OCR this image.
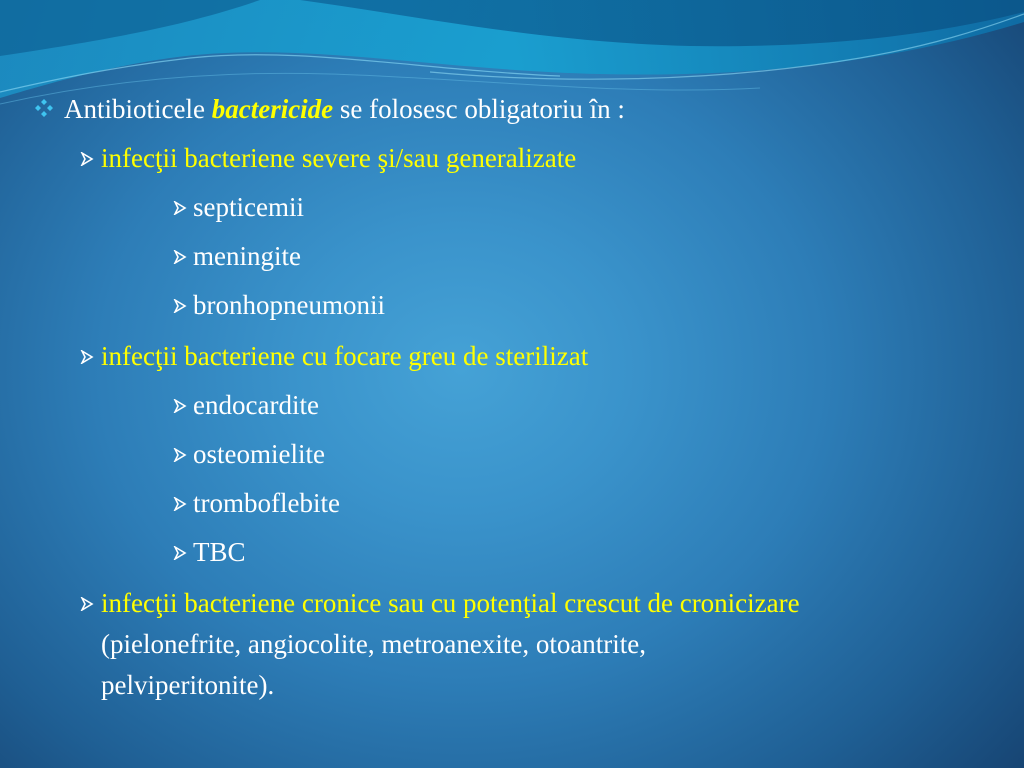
Antibioticele bactericide se folosesc obligatoriu în :
infecţii bacteriene severe şi/sau generalizate
septicemii
meningite
bronhopneumonii
infecţii bacteriene cu focare greu de sterilizat
endocardite
osteomielite
tromboflebite
TBC
infecţii bacteriene cronice sau cu potenţial crescut de cronicizare
(pielonefrite, angiocolite, metroanexite, otoantrite,
pelviperitonite).
